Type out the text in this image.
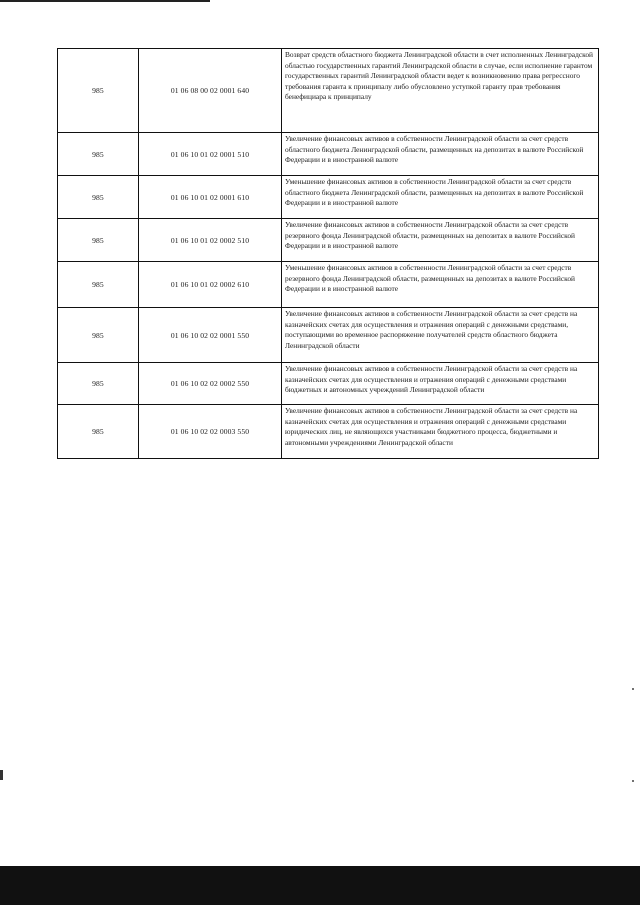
985	01 06 08 00 02 0001 640	Возврат средств областного бюджета Ленинградской области в счет исполненных Ленинградской областью государственных гарантий Ленинградской области в случае, если исполнение гарантом государственных гарантий Ленинградской области ведет к возникновению права регрессного требования гаранта к принципалу либо обусловлено уступкой гаранту прав требования бенефициара к принципалу
985	01 06 10 01 02 0001 510	Увеличение финансовых активов в собственности Ленинградской области за счет средств областного бюджета Ленинградской области, размещенных на депозитах в валюте Российской Федерации и в иностранной валюте
985	01 06 10 01 02 0001 610	Уменьшение финансовых активов в собственности Ленинградской области за счет средств областного бюджета Ленинградской области, размещенных на депозитах в валюте Российской Федерации и в иностранной валюте
985	01 06 10 01 02 0002 510	Увеличение финансовых активов в собственности Ленинградской области за счет средств резервного фонда Ленинградской области, размещенных на депозитах в валюте Российской Федерации и в иностранной валюте
985	01 06 10 01 02 0002 610	Уменьшение финансовых активов в собственности Ленинградской области за счет средств резервного фонда Ленинградской области, размещенных на депозитах в валюте Российской Федерации и в иностранной валюте
985	01 06 10 02 02 0001 550	Увеличение финансовых активов в собственности Ленинградской области за счет средств на казначейских счетах для осуществления и отражения операций с денежными средствами, поступающими во временное распоряжение получателей средств областного бюджета Ленинградской области
985	01 06 10 02 02 0002 550	Увеличение финансовых активов в собственности Ленинградской области за счет средств на казначейских счетах для осуществления и отражения операций с денежными средствами бюджетных и автономных учреждений Ленинградской области
985	01 06 10 02 02 0003 550	Увеличение финансовых активов в собственности Ленинградской области за счет средств на казначейских счетах для осуществления и отражения операций с денежными средствами юридических лиц, не являющихся участниками бюджетного процесса, бюджетными и автономными учреждениями Ленинградской области
